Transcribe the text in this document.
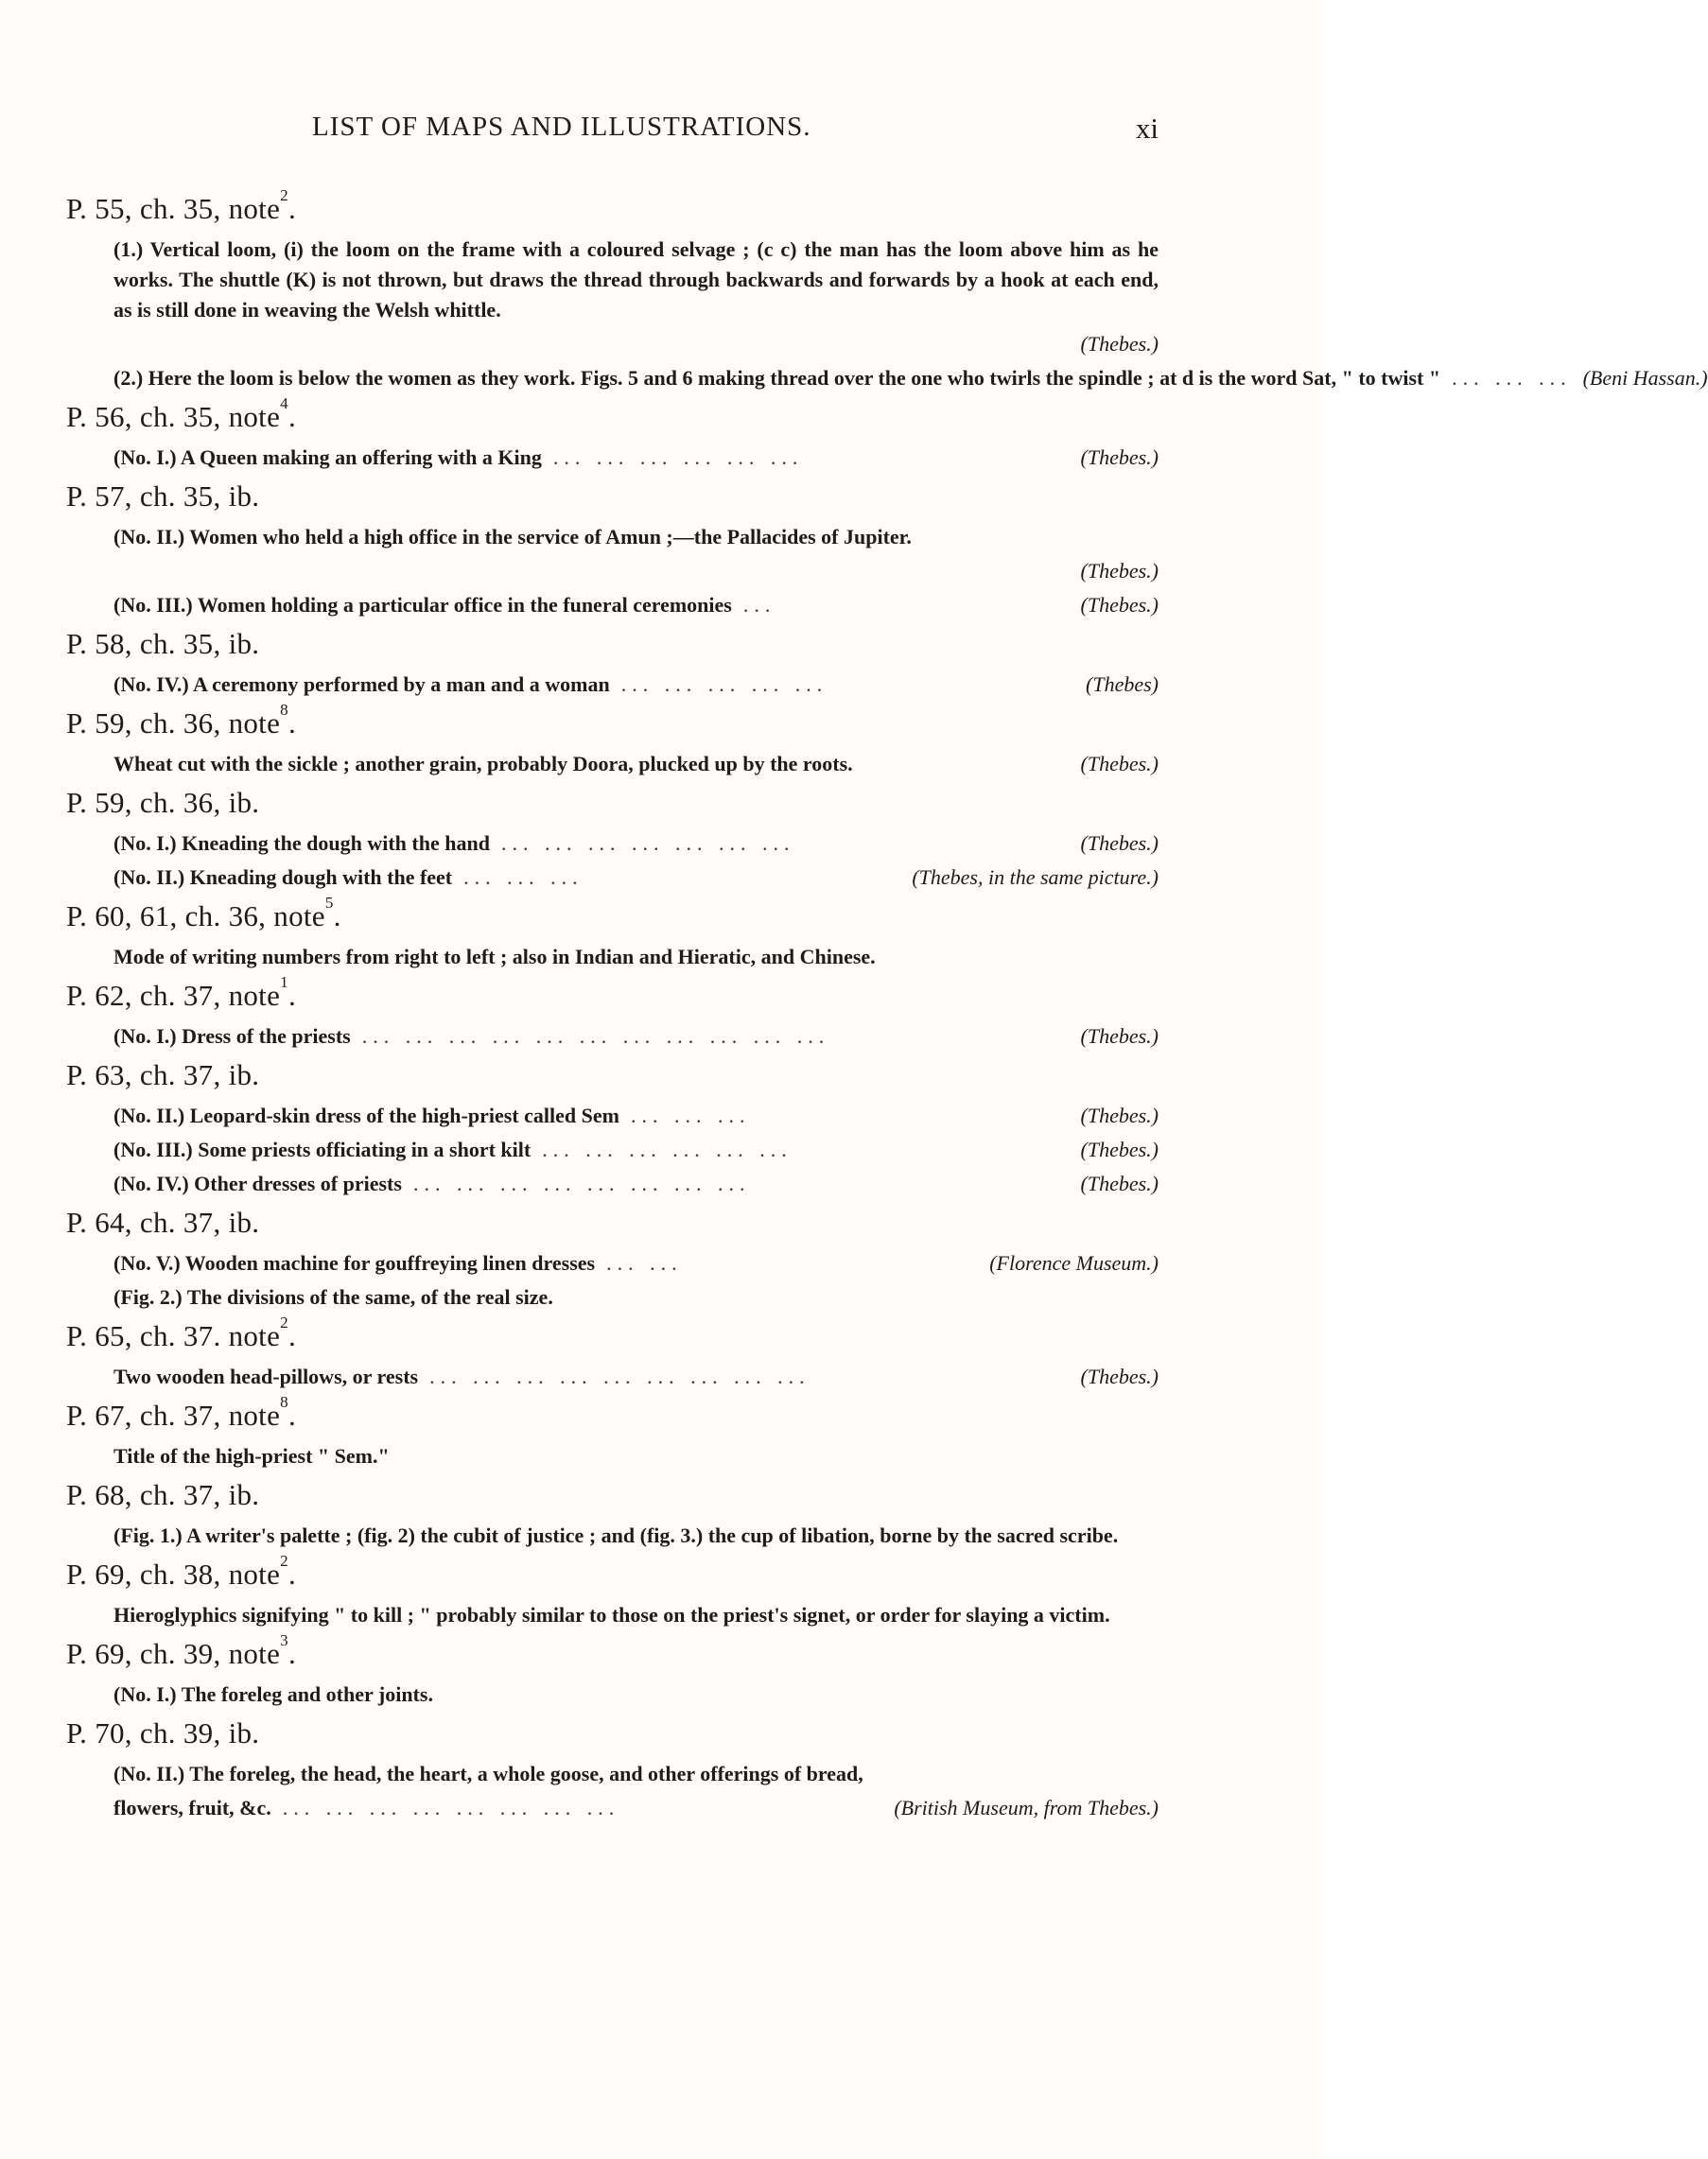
LIST OF MAPS AND ILLUSTRATIONS.	xi
P. 55, ch. 35, note$^2$.
(1.) Vertical loom, (i) the loom on the frame with a coloured selvage ; (c c) the man has the loom above him as he works. The shuttle (K) is not thrown, but draws the thread through backwards and forwards by a hook at each end, as is still done in weaving the Welsh whittle.
(Thebes.)
(2.) Here the loom is below the women as they work. Figs. 5 and 6 making thread over the one who twirls the spindle ; at d is the word Sat, " to twist " ... ... ... (Beni Hassan.)
P. 56, ch. 35, note$^4$.
(No. I.) A Queen making an offering with a King ... ... ... ... ... ...	(Thebes.)
P. 57, ch. 35, ib.
(No. II.) Women who held a high office in the service of Amun ;—the Pallacides of Jupiter.
(Thebes.)
(No. III.) Women holding a particular office in the funeral ceremonies ...	(Thebes.)
P. 58, ch. 35, ib.
(No. IV.) A ceremony performed by a man and a woman ... ... ... ... ...	(Thebes)
P. 59, ch. 36, note$^8$.
Wheat cut with the sickle ; another grain, probably Doora, plucked up by the roots.	(Thebes.)
P. 59, ch. 36, ib.
(No. I.) Kneading the dough with the hand ... ... ... ... ... ... ...	(Thebes.)
(No. II.) Kneading dough with the feet ... ... ...	(Thebes, in the same picture.)
P. 60, 61, ch. 36, note$^5$.
Mode of writing numbers from right to left ; also in Indian and Hieratic, and Chinese.
P. 62, ch. 37, note$^1$.
(No. I.) Dress of the priests ... ... ... ... ... ... ... ... ... ... ...	(Thebes.)
P. 63, ch. 37, ib.
(No. II.) Leopard-skin dress of the high-priest called Sem ... ... ...	(Thebes.)
(No. III.) Some priests officiating in a short kilt ... ... ... ... ... ...	(Thebes.)
(No. IV.) Other dresses of priests ... ... ... ... ... ... ... ...	(Thebes.)
P. 64, ch. 37, ib.
(No. V.) Wooden machine for gouffreying linen dresses ... ...	(Florence Museum.)
(Fig. 2.) The divisions of the same, of the real size.
P. 65, ch. 37. note$^2$.
Two wooden head-pillows, or rests ... ... ... ... ... ... ... ... ...	(Thebes.)
P. 67, ch. 37, note$^8$.
Title of the high-priest " Sem."
P. 68, ch. 37, ib.
(Fig. 1.) A writer's palette ; (fig. 2) the cubit of justice ; and (fig. 3.) the cup of libation, borne by the sacred scribe.
P. 69, ch. 38, note$^2$.
Hieroglyphics signifying " to kill ; " probably similar to those on the priest's signet, or order for slaying a victim.
P. 69, ch. 39, note$^3$.
(No. I.) The foreleg and other joints.
P. 70, ch. 39, ib.
(No. II.) The foreleg, the head, the heart, a whole goose, and other offerings of bread,
flowers, fruit, &c. ... ... ... ... ... ... ... ...	(British Museum, from Thebes.)
